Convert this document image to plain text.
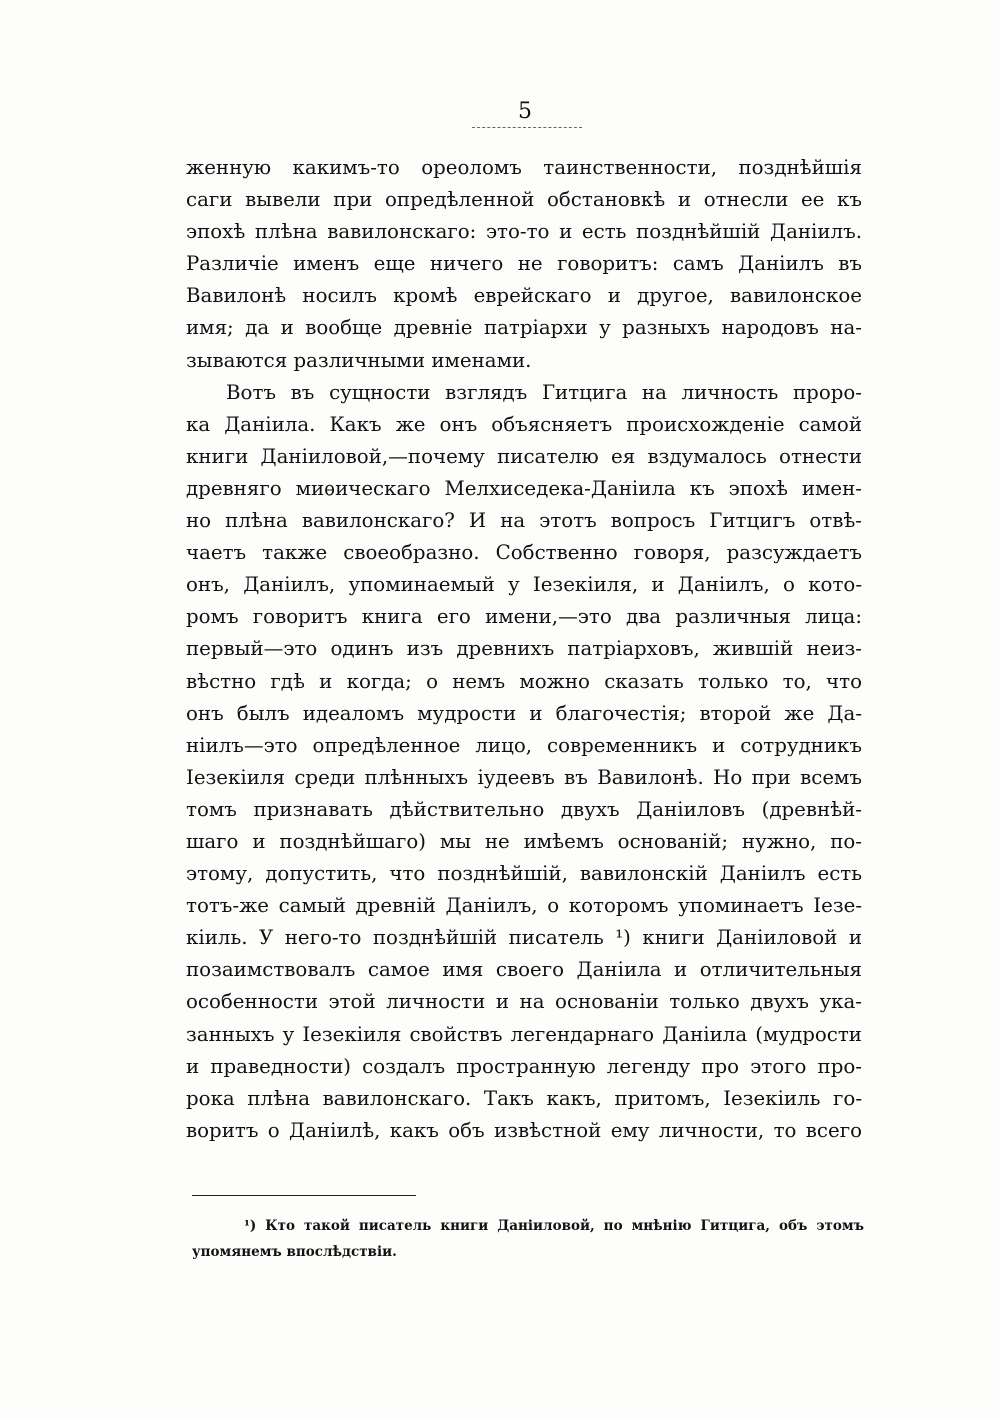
5
женную какимъ-то ореоломъ таинственности, позднѣйшія
саги вывели при опредѣленной обстановкѣ и отнесли ее къ
эпохѣ плѣна вавилонскаго: это-то и есть позднѣйшій Даніилъ.
Различіе именъ еще ничего не говоритъ: самъ Даніилъ въ
Вавилонѣ носилъ кромѣ еврейскаго и другое, вавилонское
имя; да и вообще древніе патріархи у разныхъ народовъ на-
зываются различными именами.
Вотъ въ сущности взглядъ Гитцига на личность проро-
ка Даніила. Какъ же онъ объясняетъ происхожденіе самой
книги Даніиловой,—почему писателю ея вздумалось отнести
древняго миѳическаго Мелхиседека-Даніила къ эпохѣ имен-
но плѣна вавилонскаго? И на этотъ вопросъ Гитцигъ отвѣ-
чаетъ также своеобразно. Собственно говоря, разсуждаетъ
онъ, Даніилъ, упоминаемый у Іезекіиля, и Даніилъ, о кото-
ромъ говоритъ книга его имени,—это два различныя лица:
первый—это одинъ изъ древнихъ патріарховъ, жившій неиз-
вѣстно гдѣ и когда; о немъ можно сказать только то, что
онъ былъ идеаломъ мудрости и благочестія; второй же Да-
ніилъ—это опредѣленное лицо, современникъ и сотрудникъ
Іезекіиля среди плѣнныхъ іудеевъ въ Вавилонѣ. Но при всемъ
томъ признавать дѣйствительно двухъ Даніиловъ (древнѣй-
шаго и позднѣйшаго) мы не имѣемъ основаній; нужно, по-
этому, допустить, что позднѣйшій, вавилонскій Даніилъ есть
тотъ-же самый древній Даніилъ, о которомъ упоминаетъ Іезе-
кіиль. У него-то позднѣйшій писатель ¹) книги Даніиловой и
позаимствовалъ самое имя своего Даніила и отличительныя
особенности этой личности и на основаніи только двухъ ука-
занныхъ у Іезекіиля свойствъ легендарнаго Даніила (мудрости
и праведности) создалъ пространную легенду про этого про-
рока плѣна вавилонскаго. Такъ какъ, притомъ, Іезекіиль го-
воритъ о Даніилѣ, какъ объ извѣстной ему личности, то всего
¹) Кто такой писатель книги Даніиловой, по мнѣнію Гитцига, объ этомъ
упомянемъ впослѣдствіи.
